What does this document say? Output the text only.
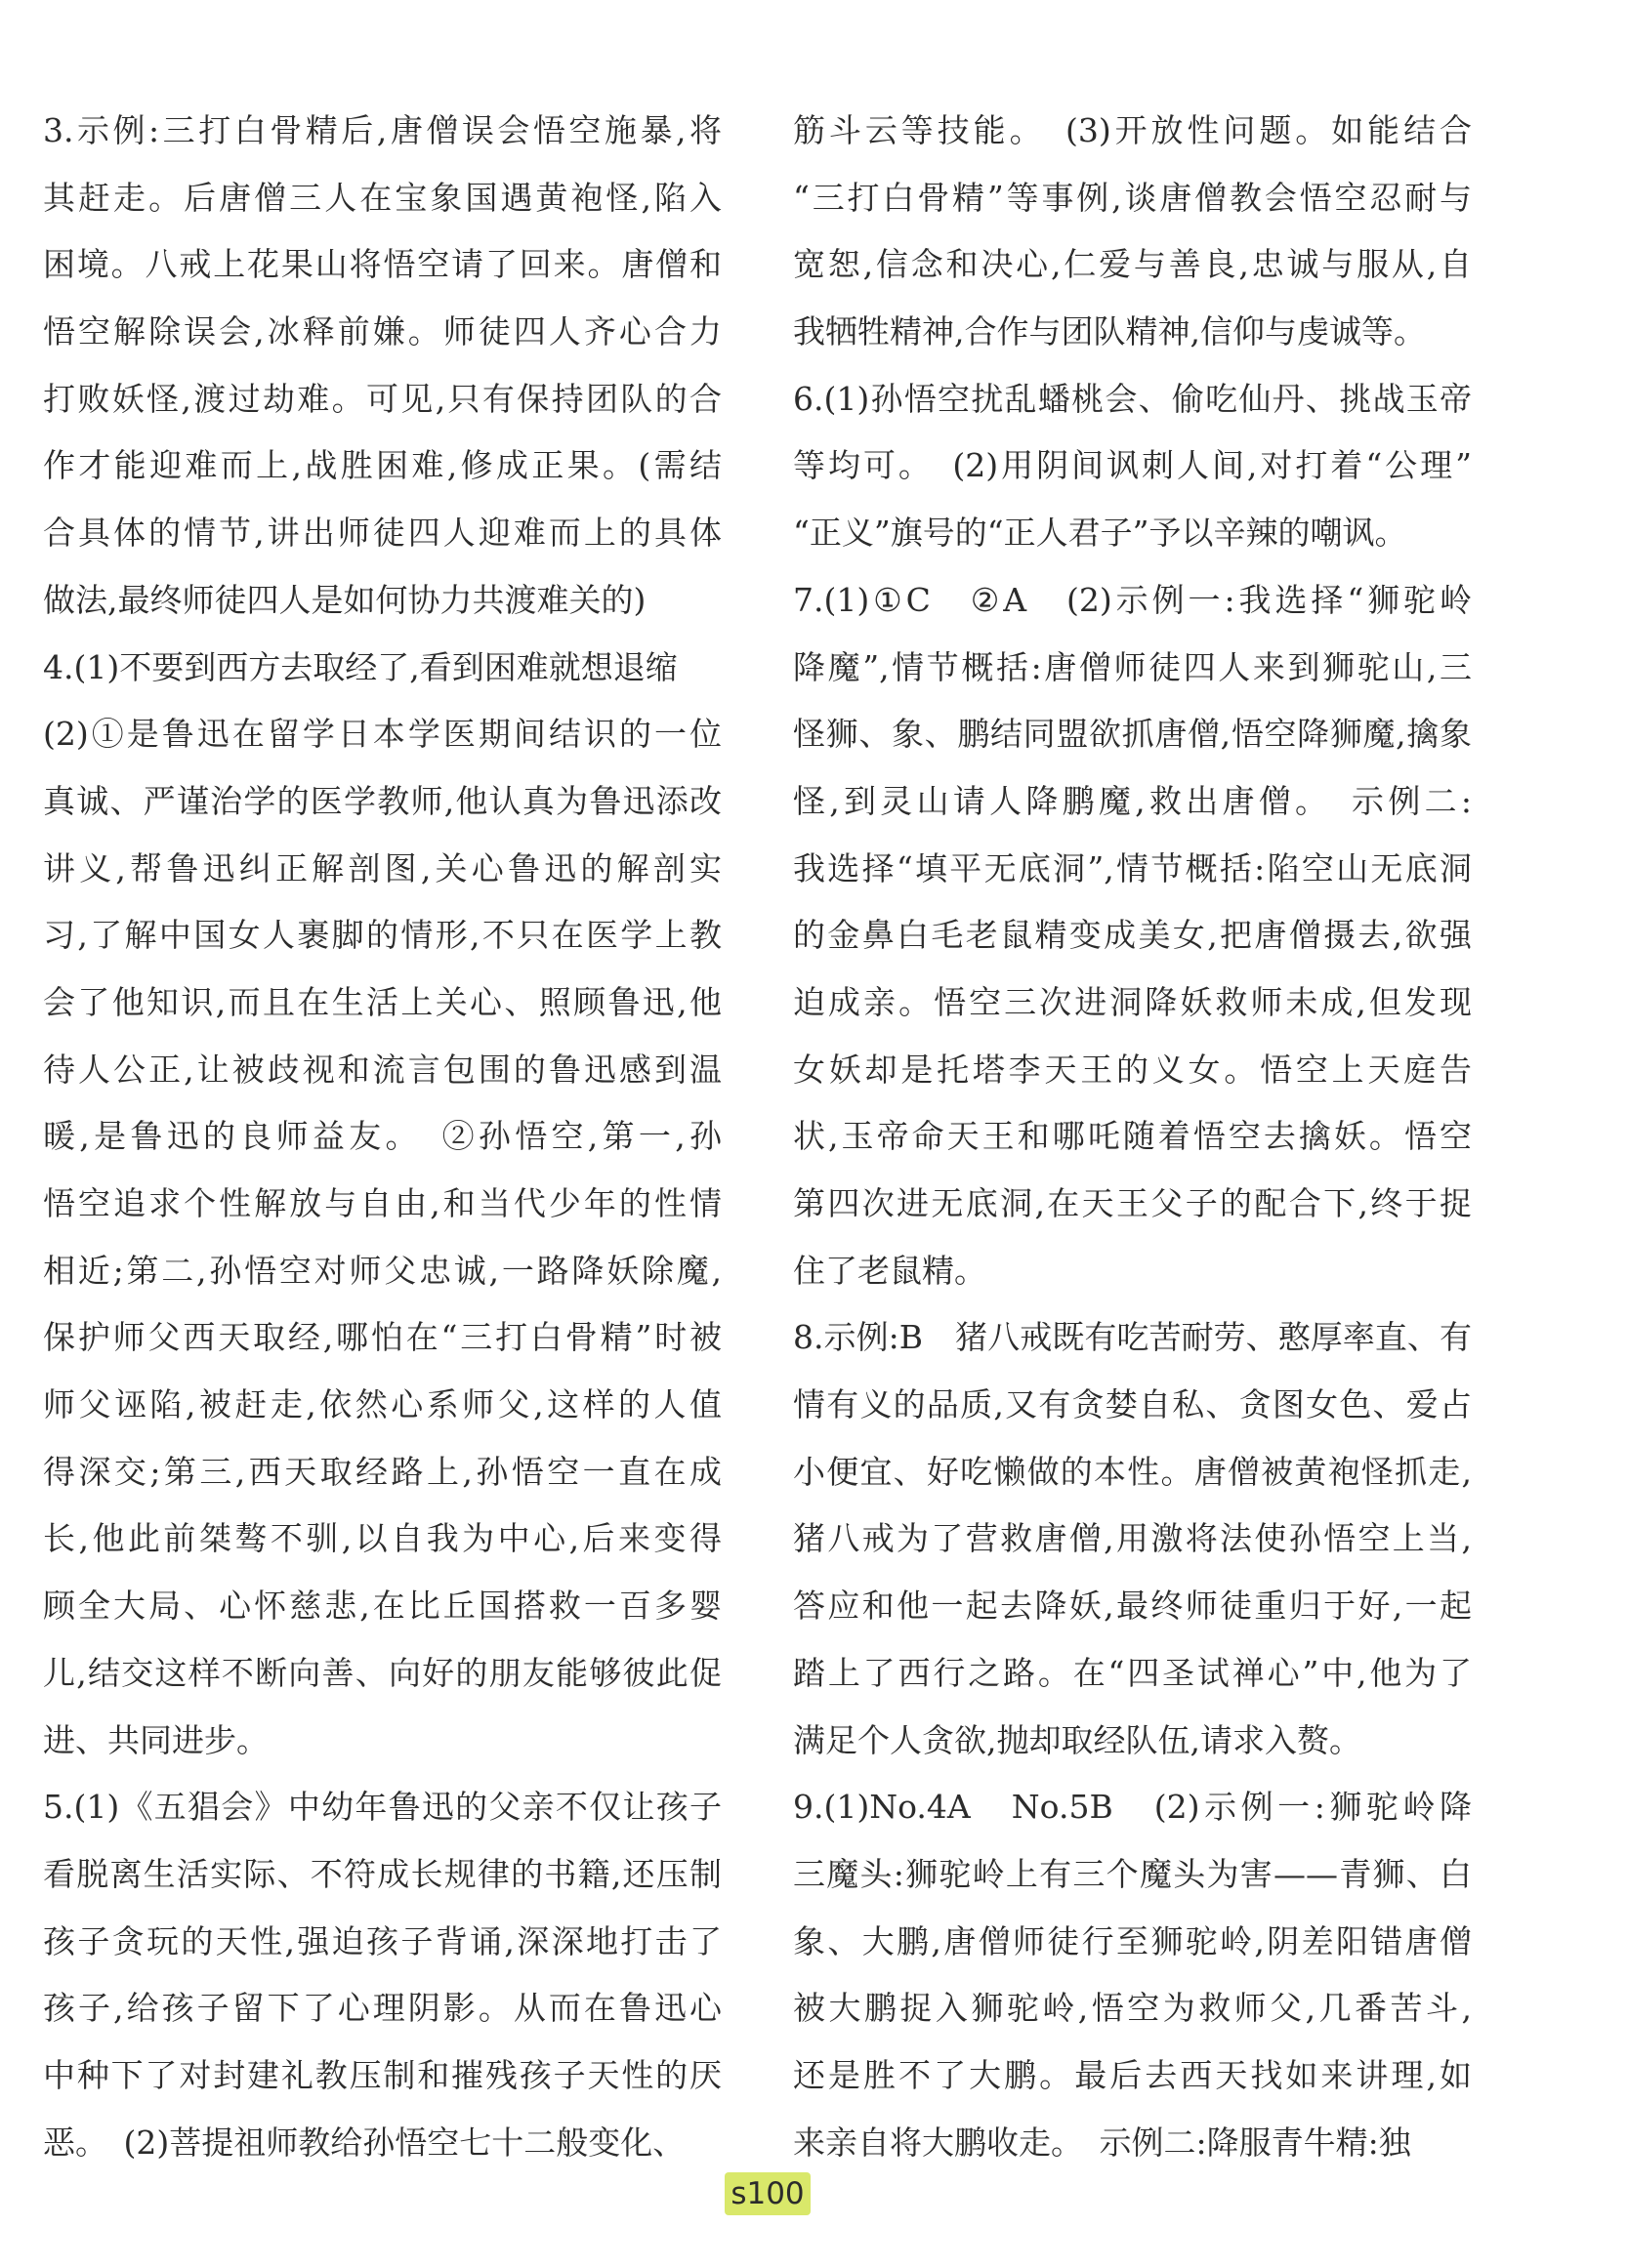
3.示例:三打白骨精后,唐僧误会悟空施暴,将
其赶走。后唐僧三人在宝象国遇黄袍怪,陷入
困境。八戒上花果山将悟空请了回来。唐僧和
悟空解除误会,冰释前嫌。师徒四人齐心合力
打败妖怪,渡过劫难。可见,只有保持团队的合
作才能迎难而上,战胜困难,修成正果。(需结
合具体的情节,讲出师徒四人迎难而上的具体
做法,最终师徒四人是如何协力共渡难关的)
4.(1)不要到西方去取经了,看到困难就想退缩
(2)①是鲁迅在留学日本学医期间结识的一位
真诚、严谨治学的医学教师,他认真为鲁迅添改
讲义,帮鲁迅纠正解剖图,关心鲁迅的解剖实
习,了解中国女人裹脚的情形,不只在医学上教
会了他知识,而且在生活上关心、照顾鲁迅,他
待人公正,让被歧视和流言包围的鲁迅感到温
暖,是鲁迅的良师益友。　②孙悟空,第一,孙
悟空追求个性解放与自由,和当代少年的性情
相近;第二,孙悟空对师父忠诚,一路降妖除魔,
保护师父西天取经,哪怕在“三打白骨精”时被
师父诬陷,被赶走,依然心系师父,这样的人值
得深交;第三,西天取经路上,孙悟空一直在成
长,他此前桀骜不驯,以自我为中心,后来变得
顾全大局、心怀慈悲,在比丘国搭救一百多婴
儿,结交这样不断向善、向好的朋友能够彼此促
进、共同进步。
5.(1)《五猖会》中幼年鲁迅的父亲不仅让孩子
看脱离生活实际、不符成长规律的书籍,还压制
孩子贪玩的天性,强迫孩子背诵,深深地打击了
孩子,给孩子留下了心理阴影。从而在鲁迅心
中种下了对封建礼教压制和摧残孩子天性的厌
恶。　(2)菩提祖师教给孙悟空七十二般变化、
筋斗云等技能。　(3)开放性问题。如能结合
“三打白骨精”等事例,谈唐僧教会悟空忍耐与
宽恕,信念和决心,仁爱与善良,忠诚与服从,自
我牺牲精神,合作与团队精神,信仰与虔诚等。
6.(1)孙悟空扰乱蟠桃会、偷吃仙丹、挑战玉帝
等均可。　(2)用阴间讽刺人间,对打着“公理”
“正义”旗号的“正人君子”予以辛辣的嘲讽。
7.(1)①C　②A　(2)示例一:我选择“狮驼岭
降魔”,情节概括:唐僧师徒四人来到狮驼山,三
怪狮、象、鹏结同盟欲抓唐僧,悟空降狮魔,擒象
怪,到灵山请人降鹏魔,救出唐僧。　示例二:
我选择“填平无底洞”,情节概括:陷空山无底洞
的金鼻白毛老鼠精变成美女,把唐僧摄去,欲强
迫成亲。悟空三次进洞降妖救师未成,但发现
女妖却是托塔李天王的义女。悟空上天庭告
状,玉帝命天王和哪吒随着悟空去擒妖。悟空
第四次进无底洞,在天王父子的配合下,终于捉
住了老鼠精。
8.示例:B　猪八戒既有吃苦耐劳、憨厚率直、有
情有义的品质,又有贪婪自私、贪图女色、爱占
小便宜、好吃懒做的本性。唐僧被黄袍怪抓走,
猪八戒为了营救唐僧,用激将法使孙悟空上当,
答应和他一起去降妖,最终师徒重归于好,一起
踏上了西行之路。在“四圣试禅心”中,他为了
满足个人贪欲,抛却取经队伍,请求入赘。
9.(1)No.4A　No.5B　(2)示例一:狮驼岭降
三魔头:狮驼岭上有三个魔头为害——青狮、白
象、大鹏,唐僧师徒行至狮驼岭,阴差阳错唐僧
被大鹏捉入狮驼岭,悟空为救师父,几番苦斗,
还是胜不了大鹏。最后去西天找如来讲理,如
来亲自将大鹏收走。　示例二:降服青牛精:独
s100
